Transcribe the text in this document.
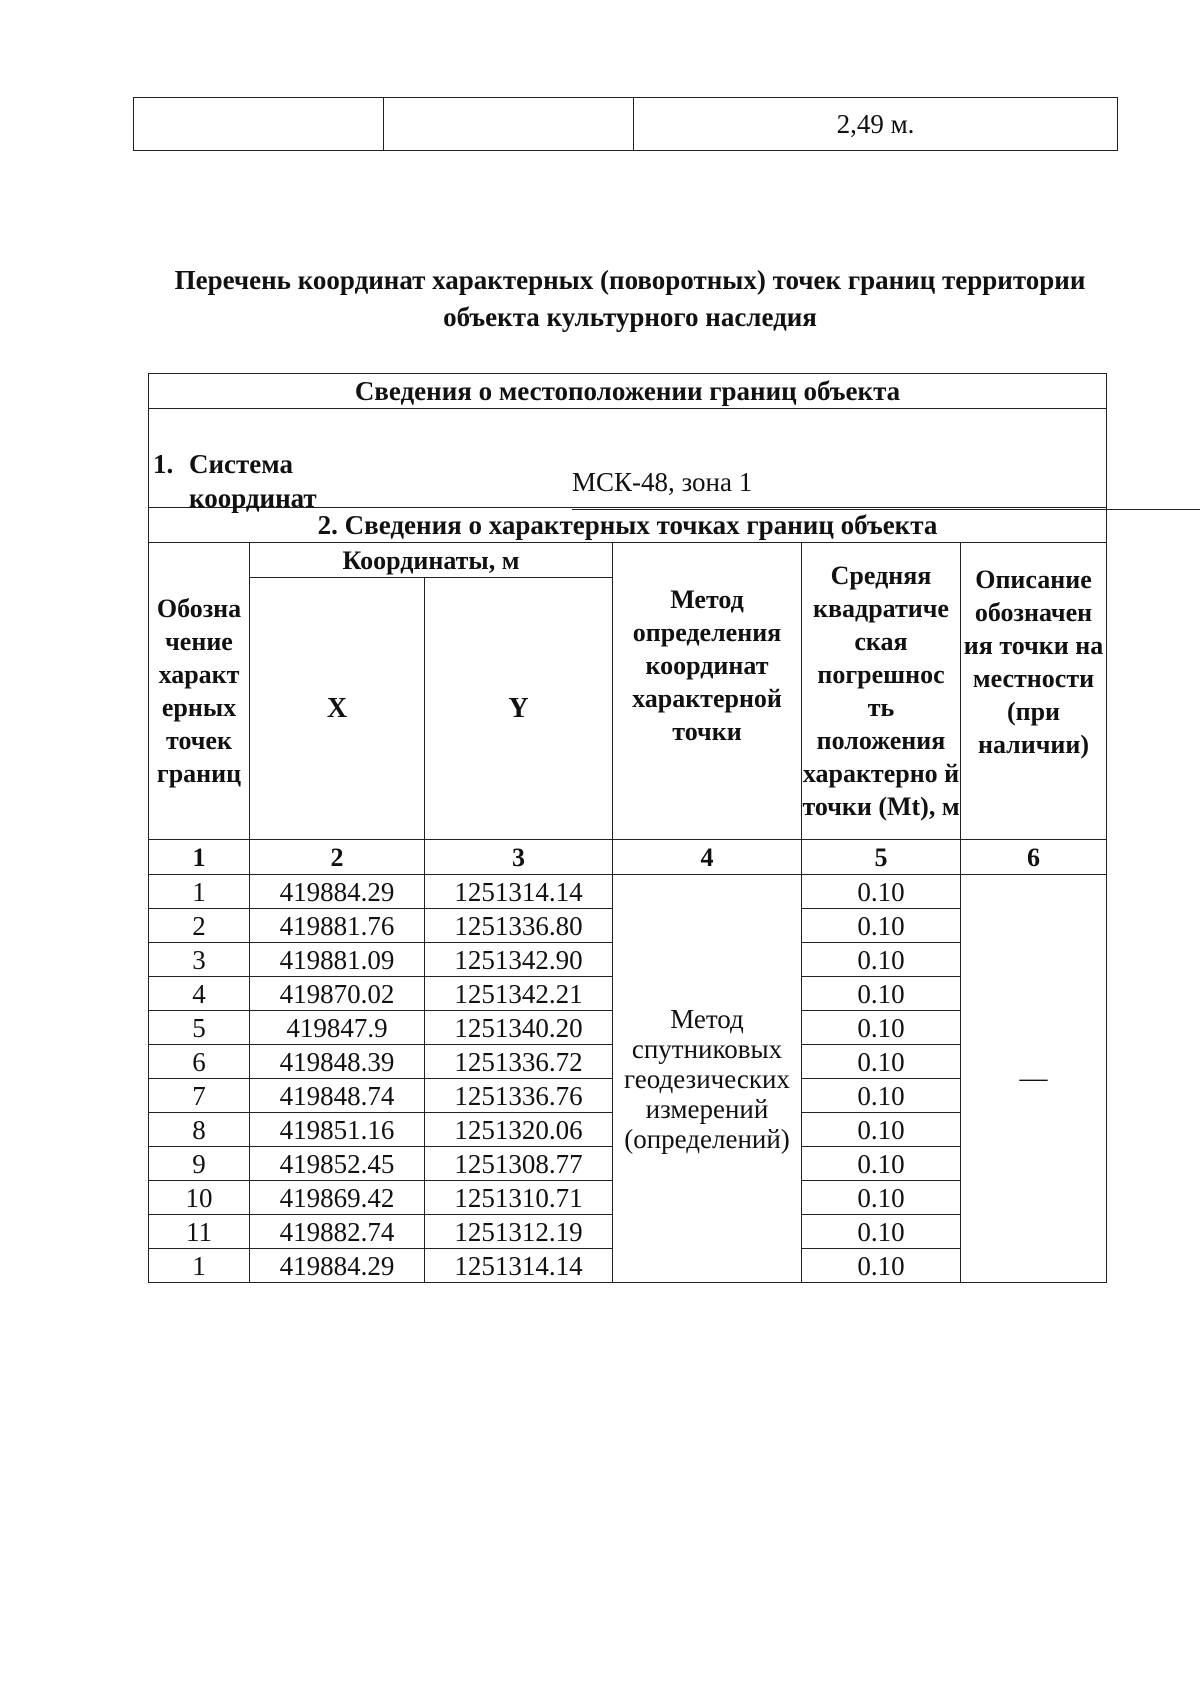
		2,49 м.
Перечень координат характерных (поворотных) точек границ территории
объекта культурного наследия
Сведения о местоположении границ объекта					

1. Система
координат
МСК-48, зона 1					

2. Сведения о характерных точках границ объекта					
Обозна чение характ ерных точек границ	Координаты, м		Метод определения координат характерной точки	Средняя квадратиче ская погрешнос ть положения характерно й точки (Mt), м	Описание обозначен ия точки на местности (при наличии)
	X	Y			
1	2	3	4	5	6
1	419884.29	1251314.14	Метод спутниковых геодезических измерений (определений)	0.10	—
2	419881.76	1251336.80		0.10	
3	419881.09	1251342.90		0.10	
4	419870.02	1251342.21		0.10	
5	419847.9	1251340.20		0.10	
6	419848.39	1251336.72		0.10	
7	419848.74	1251336.76		0.10	
8	419851.16	1251320.06		0.10	
9	419852.45	1251308.77		0.10	
10	419869.42	1251310.71		0.10	
11	419882.74	1251312.19		0.10	
1	419884.29	1251314.14		0.10	
